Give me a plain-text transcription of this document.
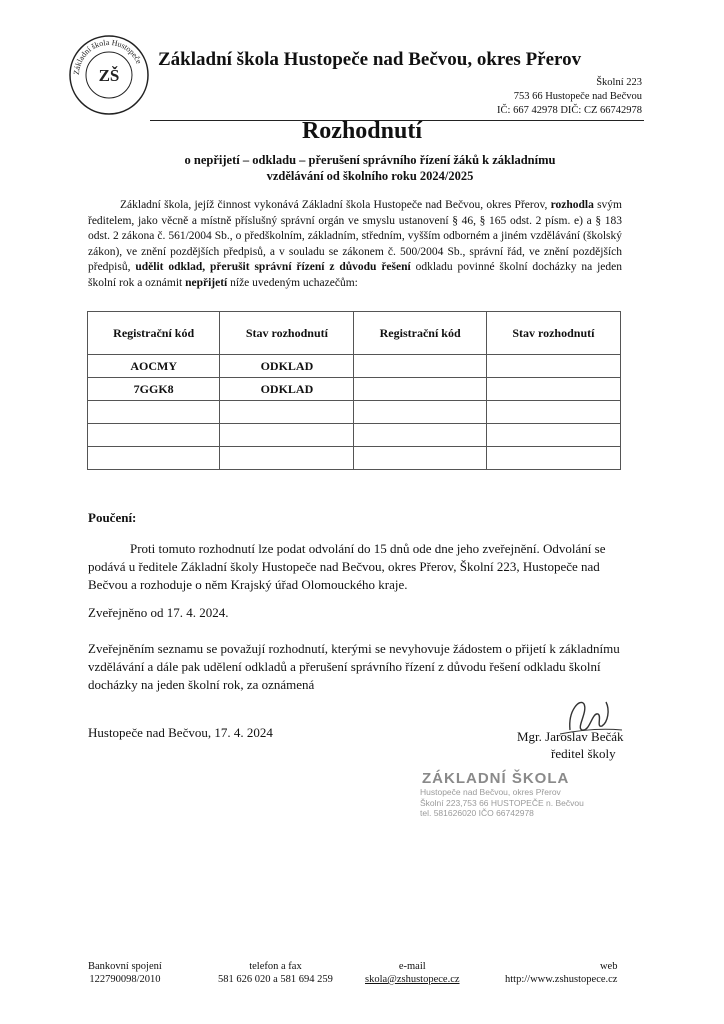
Základní škola Hustopeče
ZŠ
Základní škola Hustopeče nad Bečvou, okres Přerov
Školní 223
753 66 Hustopeče nad Bečvou
IČ: 667 42978 DIČ: CZ 66742978
Rozhodnutí
o nepřijetí – odkladu – přerušení správního řízení žáků k základnímu
vzdělávání od školního roku 2024/2025
Základní škola, jejíž činnost vykonává Základní škola Hustopeče nad Bečvou, okres Přerov, rozhodla svým ředitelem, jako věcně a místně příslušný správní orgán ve smyslu ustanovení § 46, § 165 odst. 2 písm. e) a § 183 odst. 2 zákona č. 561/2004 Sb., o předškolním, základním, středním, vyšším odborném a jiném vzdělávání (školský zákon), ve znění pozdějších předpisů, a v souladu se zákonem č. 500/2004 Sb., správní řád, ve znění pozdějších předpisů, udělit odklad, přerušit správní řízení z důvodu řešení odkladu povinné školní docházky na jeden školní rok a oznámit nepřijetí níže uvedeným uchazečům:
Registrační kód	Stav rozhodnutí	Registrační kód	Stav rozhodnutí
AOCMY	ODKLAD		
7GGK8	ODKLAD		

Poučení:
Proti tomuto rozhodnutí lze podat odvolání do 15 dnů ode dne jeho zveřejnění. Odvolání se podává u ředitele Základní školy Hustopeče nad Bečvou, okres Přerov, Školní 223, Hustopeče nad Bečvou a rozhoduje o něm Krajský úřad Olomouckého kraje.
Zveřejněno od 17. 4. 2024.
Zveřejněním seznamu se považují rozhodnutí, kterými se nevyhovuje žádostem o přijetí k základnímu vzdělávání a dále pak udělení odkladů a přerušení správního řízení z důvodu řešení odkladu školní docházky na jeden školní rok, za oznámená
Hustopeče nad Bečvou, 17. 4. 2024	Mgr. Jaroslav Bečák
ředitel školy
ZÁKLADNÍ ŠKOLA
Hustopeče nad Bečvou, okres Přerov
Školní 223,753 66 HUSTOPEČE n. Bečvou
tel. 581626020 IČO 66742978
Bankovní spojení
122790098/2010
telefon a fax
581 626 020 a 581 694 259
e-mail
skola@zshustopece.cz
web
http://www.zshustopece.cz
